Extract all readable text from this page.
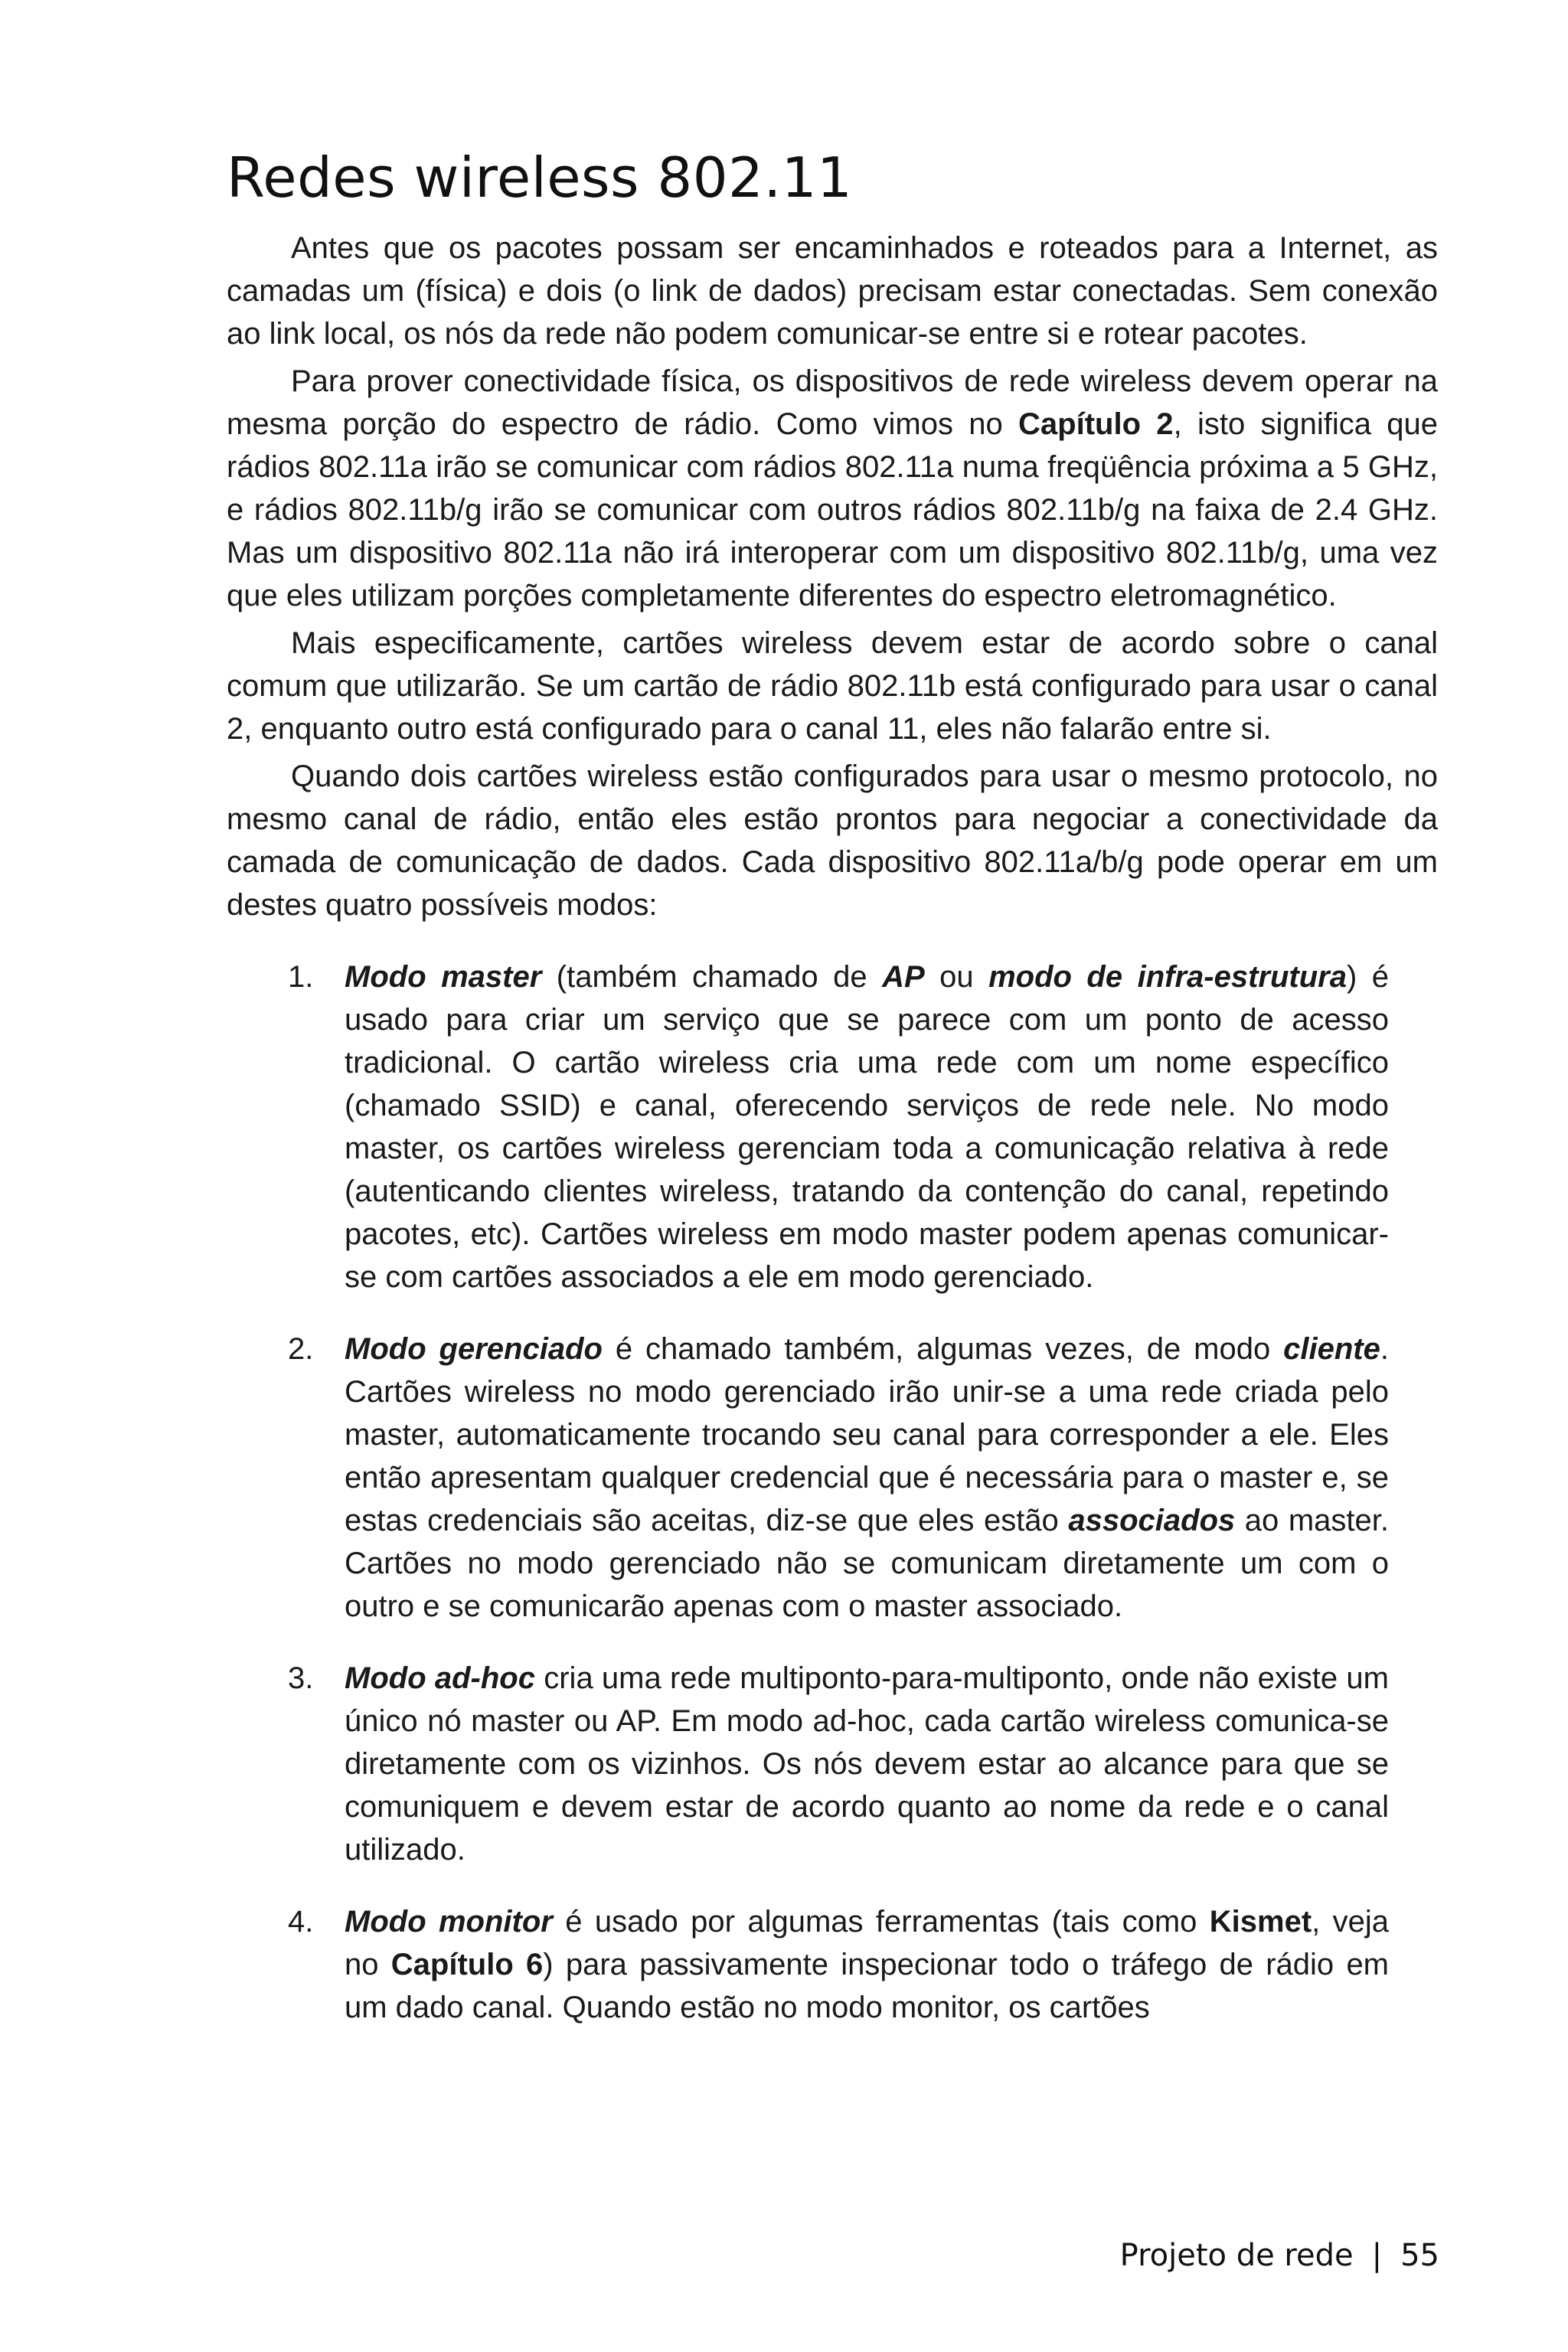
Redes wireless 802.11

Antes que os pacotes possam ser encaminhados e roteados para a Internet, as camadas um (física) e dois (o link de dados) precisam estar conectadas. Sem conexão ao link local, os nós da rede não podem comunicar-se entre si e rotear pacotes.

Para prover conectividade física, os dispositivos de rede wireless devem operar na mesma porção do espectro de rádio. Como vimos no Capítulo 2, isto significa que rádios 802.11a irão se comunicar com rádios 802.11a numa freqüência próxima a 5 GHz, e rádios 802.11b/g irão se comunicar com outros rádios 802.11b/g na faixa de 2.4 GHz. Mas um dispositivo 802.11a não irá interoperar com um dispositivo 802.11b/g, uma vez que eles utilizam porções completamente diferentes do espectro eletromagnético.

Mais especificamente, cartões wireless devem estar de acordo sobre o canal comum que utilizarão. Se um cartão de rádio 802.11b está configurado para usar o canal 2, enquanto outro está configurado para o canal 11, eles não falarão entre si.

Quando dois cartões wireless estão configurados para usar o mesmo protocolo, no mesmo canal de rádio, então eles estão prontos para negociar a conectividade da camada de comunicação de dados. Cada dispositivo 802.11a/b/g pode operar em um destes quatro possíveis modos:

1. Modo master (também chamado de AP ou modo de infra-estrutura) é usado para criar um serviço que se parece com um ponto de acesso tradicional. O cartão wireless cria uma rede com um nome específico (chamado SSID) e canal, oferecendo serviços de rede nele. No modo master, os cartões wireless gerenciam toda a comunicação relativa à rede (autenticando clientes wireless, tratando da contenção do canal, repetindo pacotes, etc). Cartões wireless em modo master podem apenas comunicar-se com cartões associados a ele em modo gerenciado.
2. Modo gerenciado é chamado também, algumas vezes, de modo cliente. Cartões wireless no modo gerenciado irão unir-se a uma rede criada pelo master, automaticamente trocando seu canal para corresponder a ele. Eles então apresentam qualquer credencial que é necessária para o master e, se estas credenciais são aceitas, diz-se que eles estão associados ao master. Cartões no modo gerenciado não se comunicam diretamente um com o outro e se comunicarão apenas com o master associado.
3. Modo ad-hoc cria uma rede multiponto-para-multiponto, onde não existe um único nó master ou AP. Em modo ad-hoc, cada cartão wireless comunica-se diretamente com os vizinhos. Os nós devem estar ao alcance para que se comuniquem e devem estar de acordo quanto ao nome da rede e o canal utilizado.
4. Modo monitor é usado por algumas ferramentas (tais como Kismet, veja no Capítulo 6) para passivamente inspecionar todo o tráfego de rádio em um dado canal. Quando estão no modo monitor, os cartões
Projeto de rede | 55
